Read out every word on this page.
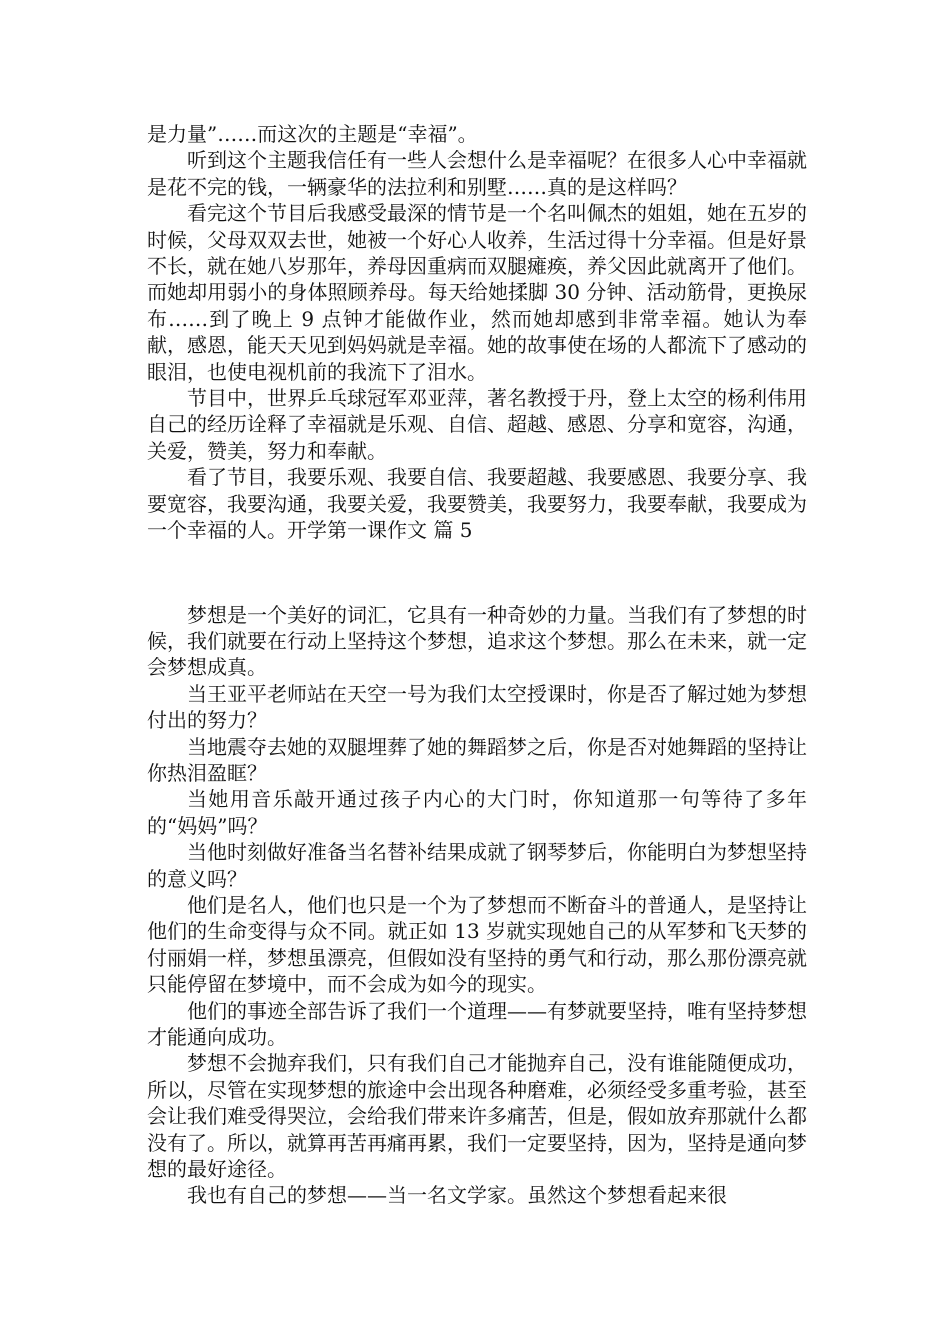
是力量”……而这次的主题是“幸福”。

听到这个主题我信任有一些人会想什么是幸福呢？在很多人心中幸福就是花不完的钱，一辆豪华的法拉利和别墅……真的是这样吗？

看完这个节目后我感受最深的情节是一个名叫佩杰的姐姐，她在五岁的时候，父母双双去世，她被一个好心人收养，生活过得十分幸福。但是好景不长，就在她八岁那年，养母因重病而双腿瘫痪，养父因此就离开了他们。而她却用弱小的身体照顾养母。每天给她揉脚 30 分钟、活动筋骨，更换尿布……到了晚上 9 点钟才能做作业，然而她却感到非常幸福。她认为奉献，感恩，能天天见到妈妈就是幸福。她的故事使在场的人都流下了感动的眼泪，也使电视机前的我流下了泪水。

节目中，世界乒乓球冠军邓亚萍，著名教授于丹，登上太空的杨利伟用自己的经历诠释了幸福就是乐观、自信、超越、感恩、分享和宽容，沟通，关爱，赞美，努力和奉献。

看了节目，我要乐观、我要自信、我要超越、我要感恩、我要分享、我要宽容，我要沟通，我要关爱，我要赞美，我要努力，我要奉献，我要成为一个幸福的人。开学第一课作文 篇 5

梦想是一个美好的词汇，它具有一种奇妙的力量。当我们有了梦想的时候，我们就要在行动上坚持这个梦想，追求这个梦想。那么在未来，就一定会梦想成真。

当王亚平老师站在天空一号为我们太空授课时，你是否了解过她为梦想付出的努力？

当地震夺去她的双腿埋葬了她的舞蹈梦之后，你是否对她舞蹈的坚持让你热泪盈眶？

当她用音乐敲开通过孩子内心的大门时，你知道那一句等待了多年的“妈妈”吗？

当他时刻做好准备当名替补结果成就了钢琴梦后，你能明白为梦想坚持的意义吗？

他们是名人，他们也只是一个为了梦想而不断奋斗的普通人，是坚持让他们的生命变得与众不同。就正如 13 岁就实现她自己的从军梦和飞天梦的付丽娟一样，梦想虽漂亮，但假如没有坚持的勇气和行动，那么那份漂亮就只能停留在梦境中，而不会成为如今的现实。

他们的事迹全部告诉了我们一个道理——有梦就要坚持，唯有坚持梦想才能通向成功。

梦想不会抛弃我们，只有我们自己才能抛弃自己，没有谁能随便成功，所以，尽管在实现梦想的旅途中会出现各种磨难，必须经受多重考验，甚至会让我们难受得哭泣，会给我们带来许多痛苦，但是，假如放弃那就什么都没有了。所以，就算再苦再痛再累，我们一定要坚持，因为，坚持是通向梦想的最好途径。

我也有自己的梦想——当一名文学家。虽然这个梦想看起来很
